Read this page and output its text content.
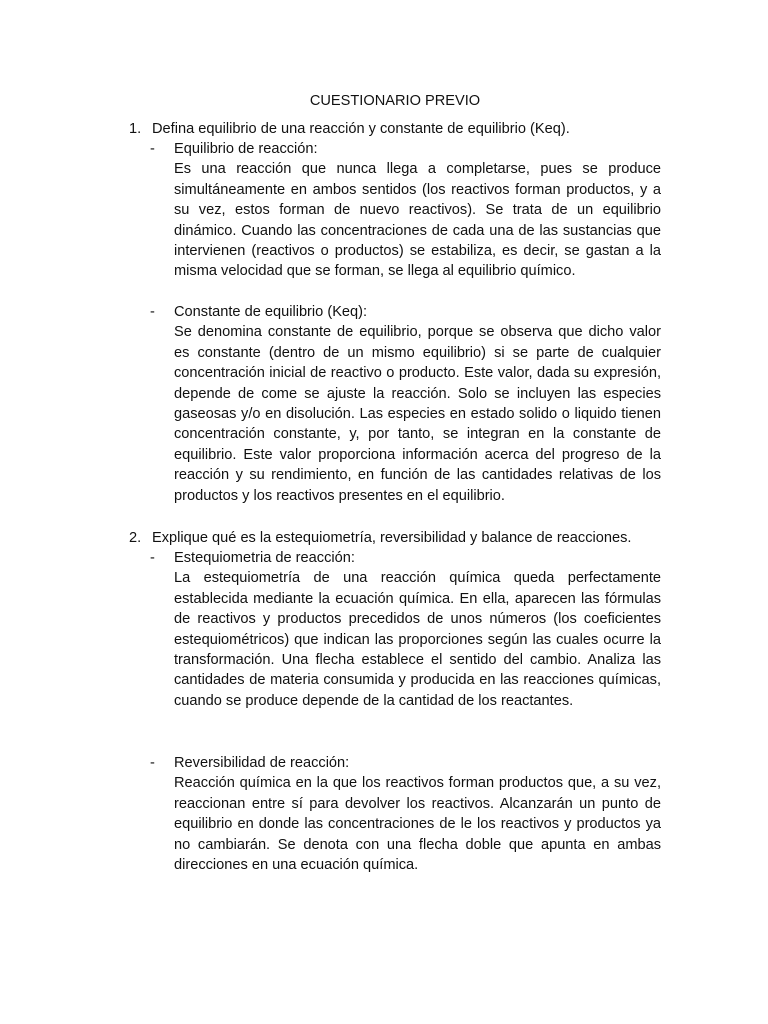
CUESTIONARIO PREVIO
1. Defina equilibrio de una reacción y constante de equilibrio (Keq).
- Equilibrio de reacción:
Es una reacción que nunca llega a completarse, pues se produce simultáneamente en ambos sentidos (los reactivos forman productos, y a su vez, estos forman de nuevo reactivos). Se trata de un equilibrio dinámico. Cuando las concentraciones de cada una de las sustancias que intervienen (reactivos o productos) se estabiliza, es decir, se gastan a la misma velocidad que se forman, se llega al equilibrio químico.
- Constante de equilibrio (Keq):
Se denomina constante de equilibrio, porque se observa que dicho valor es constante (dentro de un mismo equilibrio) si se parte de cualquier concentración inicial de reactivo o producto. Este valor, dada su expresión, depende de come se ajuste la reacción. Solo se incluyen las especies gaseosas y/o en disolución. Las especies en estado solido o liquido tienen concentración constante, y, por tanto, se integran en la constante de equilibrio. Este valor proporciona información acerca del progreso de la reacción y su rendimiento, en función de las cantidades relativas de los productos y los reactivos presentes en el equilibrio.
2. Explique qué es la estequiometría, reversibilidad y balance de reacciones.
- Estequiometria de reacción:
La estequiometría de una reacción química queda perfectamente establecida mediante la ecuación química. En ella, aparecen las fórmulas de reactivos y productos precedidos de unos números (los coeficientes estequiométricos) que indican las proporciones según las cuales ocurre la transformación. Una flecha establece el sentido del cambio. Analiza las cantidades de materia consumida y producida en las reacciones químicas, cuando se produce depende de la cantidad de los reactantes.
- Reversibilidad de reacción:
Reacción química en la que los reactivos forman productos que, a su vez, reaccionan entre sí para devolver los reactivos. Alcanzarán un punto de equilibrio en donde las concentraciones de le los reactivos y productos ya no cambiarán. Se denota con una flecha doble que apunta en ambas direcciones en una ecuación química.
